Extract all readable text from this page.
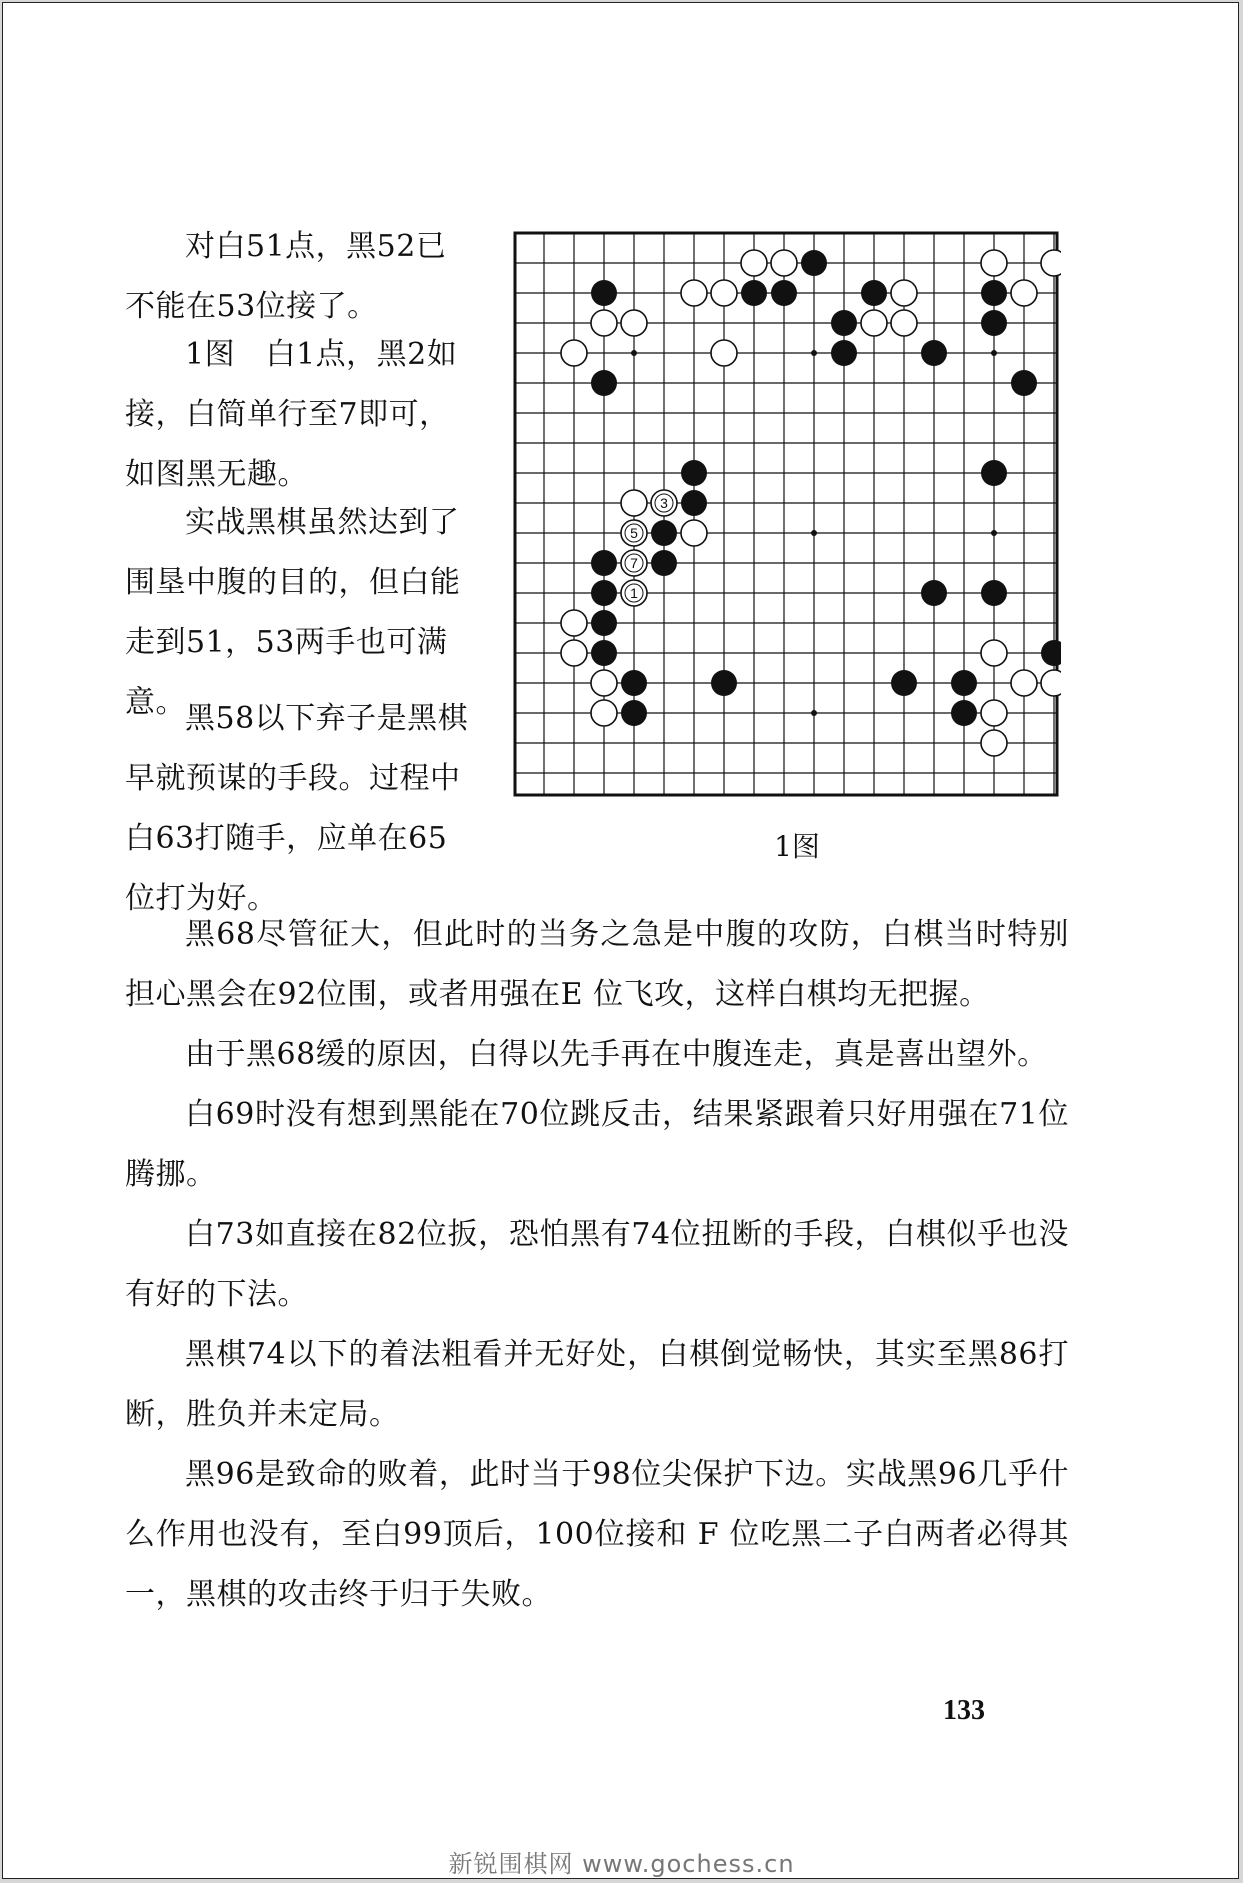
对白51点，黑52已不能在53位接了。

1图　白1点，黑2如接，白简单行至7即可，如图黑无趣。

实战黑棋虽然达到了围垦中腹的目的，但白能走到51，53两手也可满意。 黑58以下弃子是黑棋早就预谋的手段。过程中 白63打随手，应单在65位打为好。

3
5
7
1
1图

黑68尽管征大，但此时的当务之急是中腹的攻防，白棋当时特别担心黑会在92位围，或者用强在E 位飞攻，这样白棋均无把握。

由于黑68缓的原因，白得以先手再在中腹连走，真是喜出望外。

白69时没有想到黑能在70位跳反击，结果紧跟着只好用强在71位腾挪。

白73如直接在82位扳，恐怕黑有74位扭断的手段，白棋似乎也没有好的下法。

黑棋74以下的着法粗看并无好处，白棋倒觉畅快，其实至黑86打断，胜负并未定局。

黑96是致命的败着，此时当于98位尖保护下边。实战黑96几乎什么作用也没有，至白99顶后，100位接和 F 位吃黑二子白两者必得其一，黑棋的攻击终于归于失败。

133
新锐围棋网 www.gochess.cn
